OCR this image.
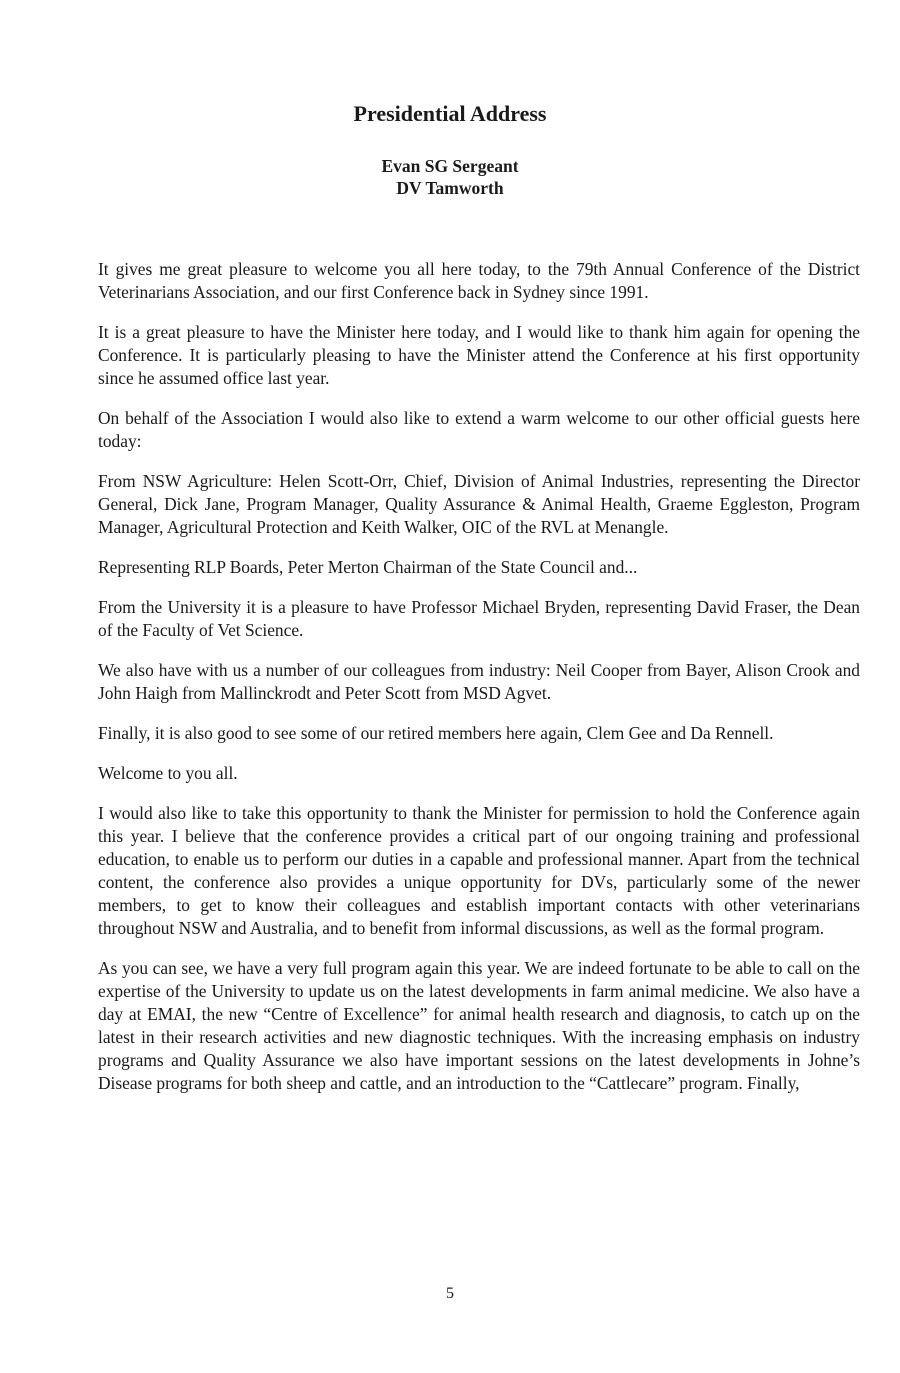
Presidential Address
Evan SG Sergeant
DV Tamworth

It gives me great pleasure to welcome you all here today, to the 79th Annual Conference of the District Veterinarians Association, and our first Conference back in Sydney since 1991.

It is a great pleasure to have the Minister here today, and I would like to thank him again for opening the Conference. It is particularly pleasing to have the Minister attend the Conference at his first opportunity since he assumed office last year.

On behalf of the Association I would also like to extend a warm welcome to our other official guests here today:

From NSW Agriculture: Helen Scott-Orr, Chief, Division of Animal Industries, representing the Director General, Dick Jane, Program Manager, Quality Assurance & Animal Health, Graeme Eggleston, Program Manager, Agricultural Protection and Keith Walker, OIC of the RVL at Menangle.

Representing RLP Boards, Peter Merton Chairman of the State Council and...

From the University it is a pleasure to have Professor Michael Bryden, representing David Fraser, the Dean of the Faculty of Vet Science.

We also have with us a number of our colleagues from industry: Neil Cooper from Bayer, Alison Crook and John Haigh from Mallinckrodt and Peter Scott from MSD Agvet.

Finally, it is also good to see some of our retired members here again, Clem Gee and Da Rennell.

Welcome to you all.

I would also like to take this opportunity to thank the Minister for permission to hold the Conference again this year. I believe that the conference provides a critical part of our ongoing training and professional education, to enable us to perform our duties in a capable and professional manner. Apart from the technical content, the conference also provides a unique opportunity for DVs, particularly some of the newer members, to get to know their colleagues and establish important contacts with other veterinarians throughout NSW and Australia, and to benefit from informal discussions, as well as the formal program.

As you can see, we have a very full program again this year. We are indeed fortunate to be able to call on the expertise of the University to update us on the latest developments in farm animal medicine. We also have a day at EMAI, the new “Centre of Excellence” for animal health research and diagnosis, to catch up on the latest in their research activities and new diagnostic techniques. With the increasing emphasis on industry programs and Quality Assurance we also have important sessions on the latest developments in Johne’s Disease programs for both sheep and cattle, and an introduction to the “Cattlecare” program. Finally,

5
